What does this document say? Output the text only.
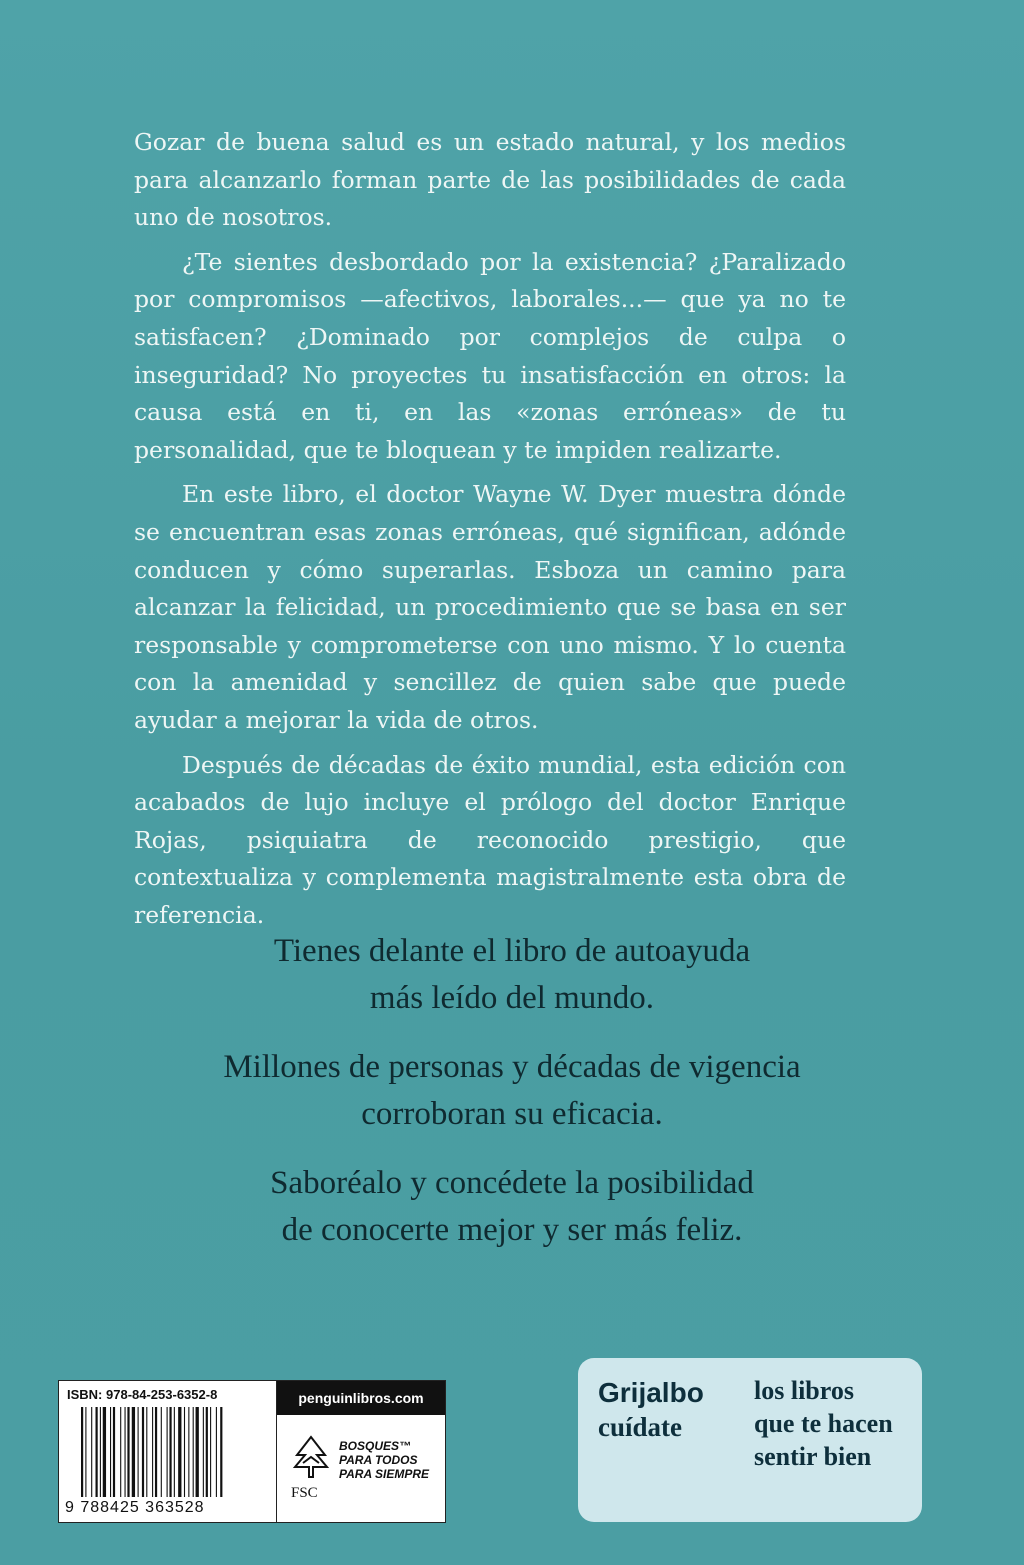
Gozar de buena salud es un estado natural, y los medios para alcanzarlo forman parte de las posibilidades de cada uno de nosotros.

¿Te sientes desbordado por la existencia? ¿Paralizado por compromisos —afectivos, laborales...— que ya no te satisfacen? ¿Dominado por complejos de culpa o inseguridad? No proyectes tu insatisfacción en otros: la causa está en ti, en las «zonas erróneas» de tu personalidad, que te bloquean y te impiden realizarte.

En este libro, el doctor Wayne W. Dyer muestra dónde se encuentran esas zonas erróneas, qué significan, adónde conducen y cómo superarlas. Esboza un camino para alcanzar la felicidad, un procedimiento que se basa en ser responsable y comprometerse con uno mismo. Y lo cuenta con la amenidad y sencillez de quien sabe que puede ayudar a mejorar la vida de otros.

Después de décadas de éxito mundial, esta edición con acabados de lujo incluye el prólogo del doctor Enrique Rojas, psiquiatra de reconocido prestigio, que contextualiza y complementa magistralmente esta obra de referencia.

Tienes delante el libro de autoayuda
más leído del mundo.

Millones de personas y décadas de vigencia
corroboran su eficacia.

Saboréalo y concédete la posibilidad
de conocerte mejor y ser más feliz.

ISBN: 978-84-253-6352-8
9 788425 363528
penguinlibros.com
FSC
BOSQUES™
PARA TODOS
PARA SIEMPRE
Grijalbo
cuídate
los libros
que te hacen
sentir bien
